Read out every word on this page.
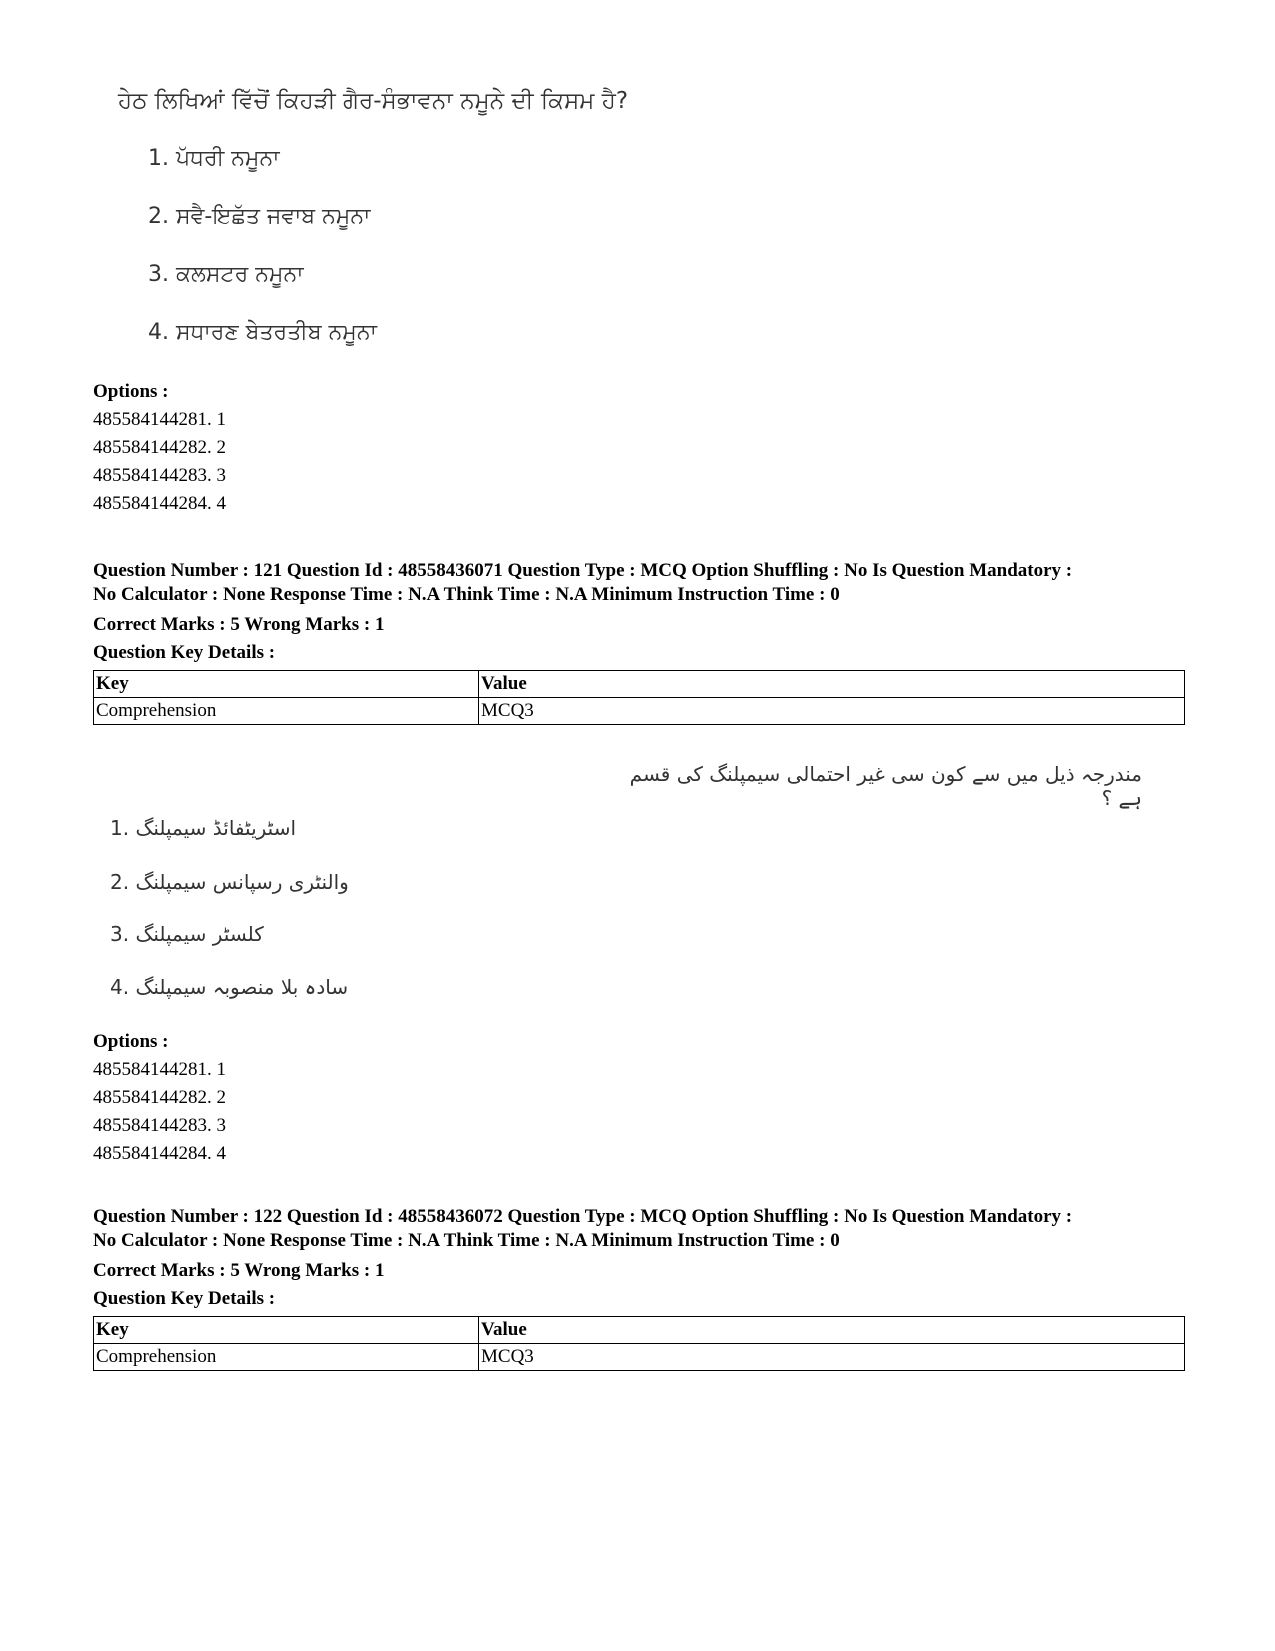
ਹੇਠ ਲਿਖਿਆਂ ਵਿੱਚੋਂ ਕਿਹੜੀ ਗੈਰ-ਸੰਭਾਵਨਾ ਨਮੂਨੇ ਦੀ ਕਿਸਮ ਹੈ?
1. ਪੱਧਰੀ ਨਮੂਨਾ
2. ਸਵੈ-ਇਛੱਤ ਜਵਾਬ ਨਮੂਨਾ
3. ਕਲਸਟਰ ਨਮੂਨਾ
4. ਸਧਾਰਣ ਬੇਤਰਤੀਬ ਨਮੂਨਾ
Options :
485584144281. 1
485584144282. 2
485584144283. 3
485584144284. 4
Question Number : 121 Question Id : 48558436071 Question Type : MCQ Option Shuffling : No Is Question Mandatory :
No Calculator : None Response Time : N.A Think Time : N.A Minimum Instruction Time : 0
Correct Marks : 5 Wrong Marks : 1
Question Key Details :
Key	Value
Comprehension	MCQ3
مندرجہ ذیل میں سے کون سی غیر احتمالی سیمپلنگ کی قسم ہے ؟
اسٹریٹفائڈ سیمپلنگ .1
والنٹری رسپانس سیمپلنگ .2
کلسٹر سیمپلنگ .3
سادہ بلا منصوبہ سیمپلنگ .4
Options :
485584144281. 1
485584144282. 2
485584144283. 3
485584144284. 4
Question Number : 122 Question Id : 48558436072 Question Type : MCQ Option Shuffling : No Is Question Mandatory :
No Calculator : None Response Time : N.A Think Time : N.A Minimum Instruction Time : 0
Correct Marks : 5 Wrong Marks : 1
Question Key Details :
Key	Value
Comprehension	MCQ3
